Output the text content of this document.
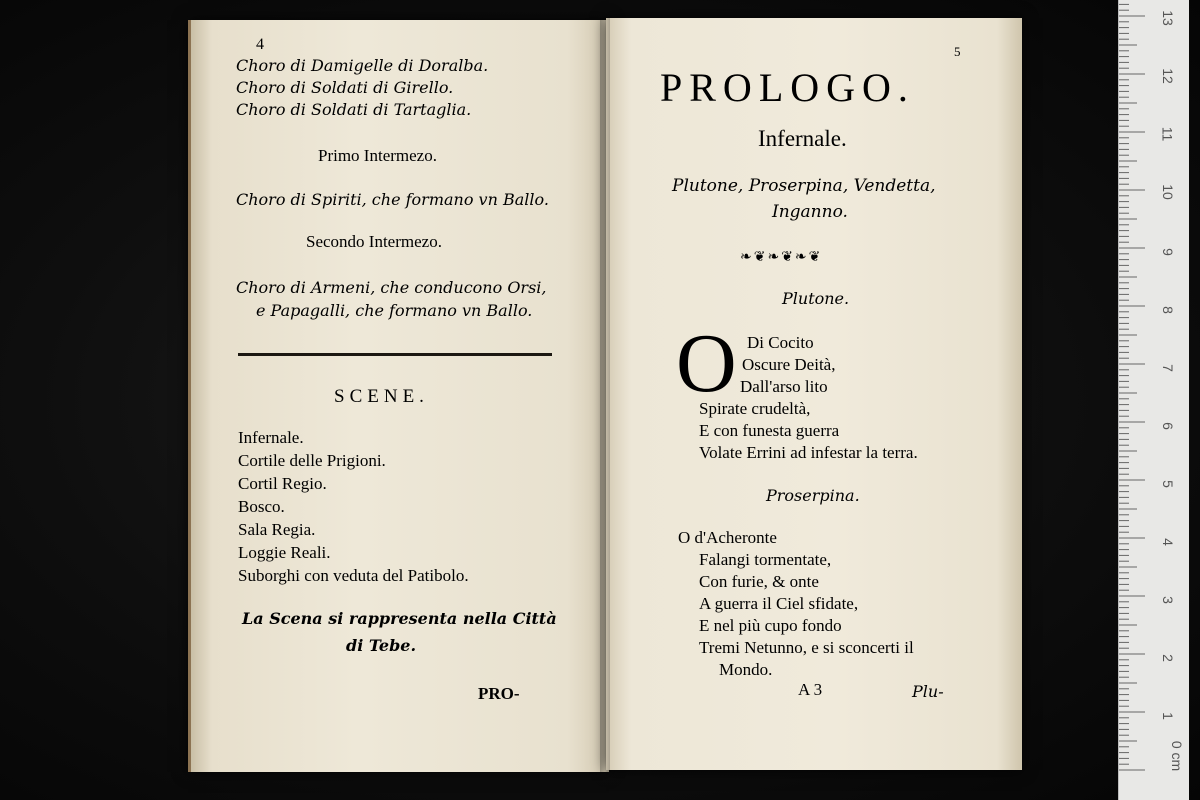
4
Choro di Damigelle di Doralba.
Choro di Soldati di Girello.
Choro di Soldati di Tartaglia.
Primo Intermezo.
Choro di Spiriti, che formano vn Ballo.
Secondo Intermezo.
Choro di Armeni, che conducono Orsi,
e Papagalli, che formano vn Ballo.
SCENE.
Infernale.
Cortile delle Prigioni.
Cortil Regio.
Bosco.
Sala Regia.
Loggie Reali.
Suborghi con veduta del Patibolo.
La Scena si rappresenta nella Città
di Tebe.
PRO-
5
PROLOGO.
Infernale.
Plutone, Proserpina, Vendetta,
Inganno.
❧❦❧❦❧❦
Plutone.
O Di Cocito
Oscure Deità,
Dall'arso lito
Spirate crudeltà,
E con funesta guerra
Volate Errini ad infestar la terra.
Proserpina.
O d'Acheronte
Falangi tormentate,
Con furie, & onte
A guerra il Ciel sfidate,
E nel più cupo fondo
Tremi Netunno, e si sconcerti il
Mondo.
A 3	Plu-
0 cm
1
2
3
4
5
6
7
8
9
10
11
12
13
